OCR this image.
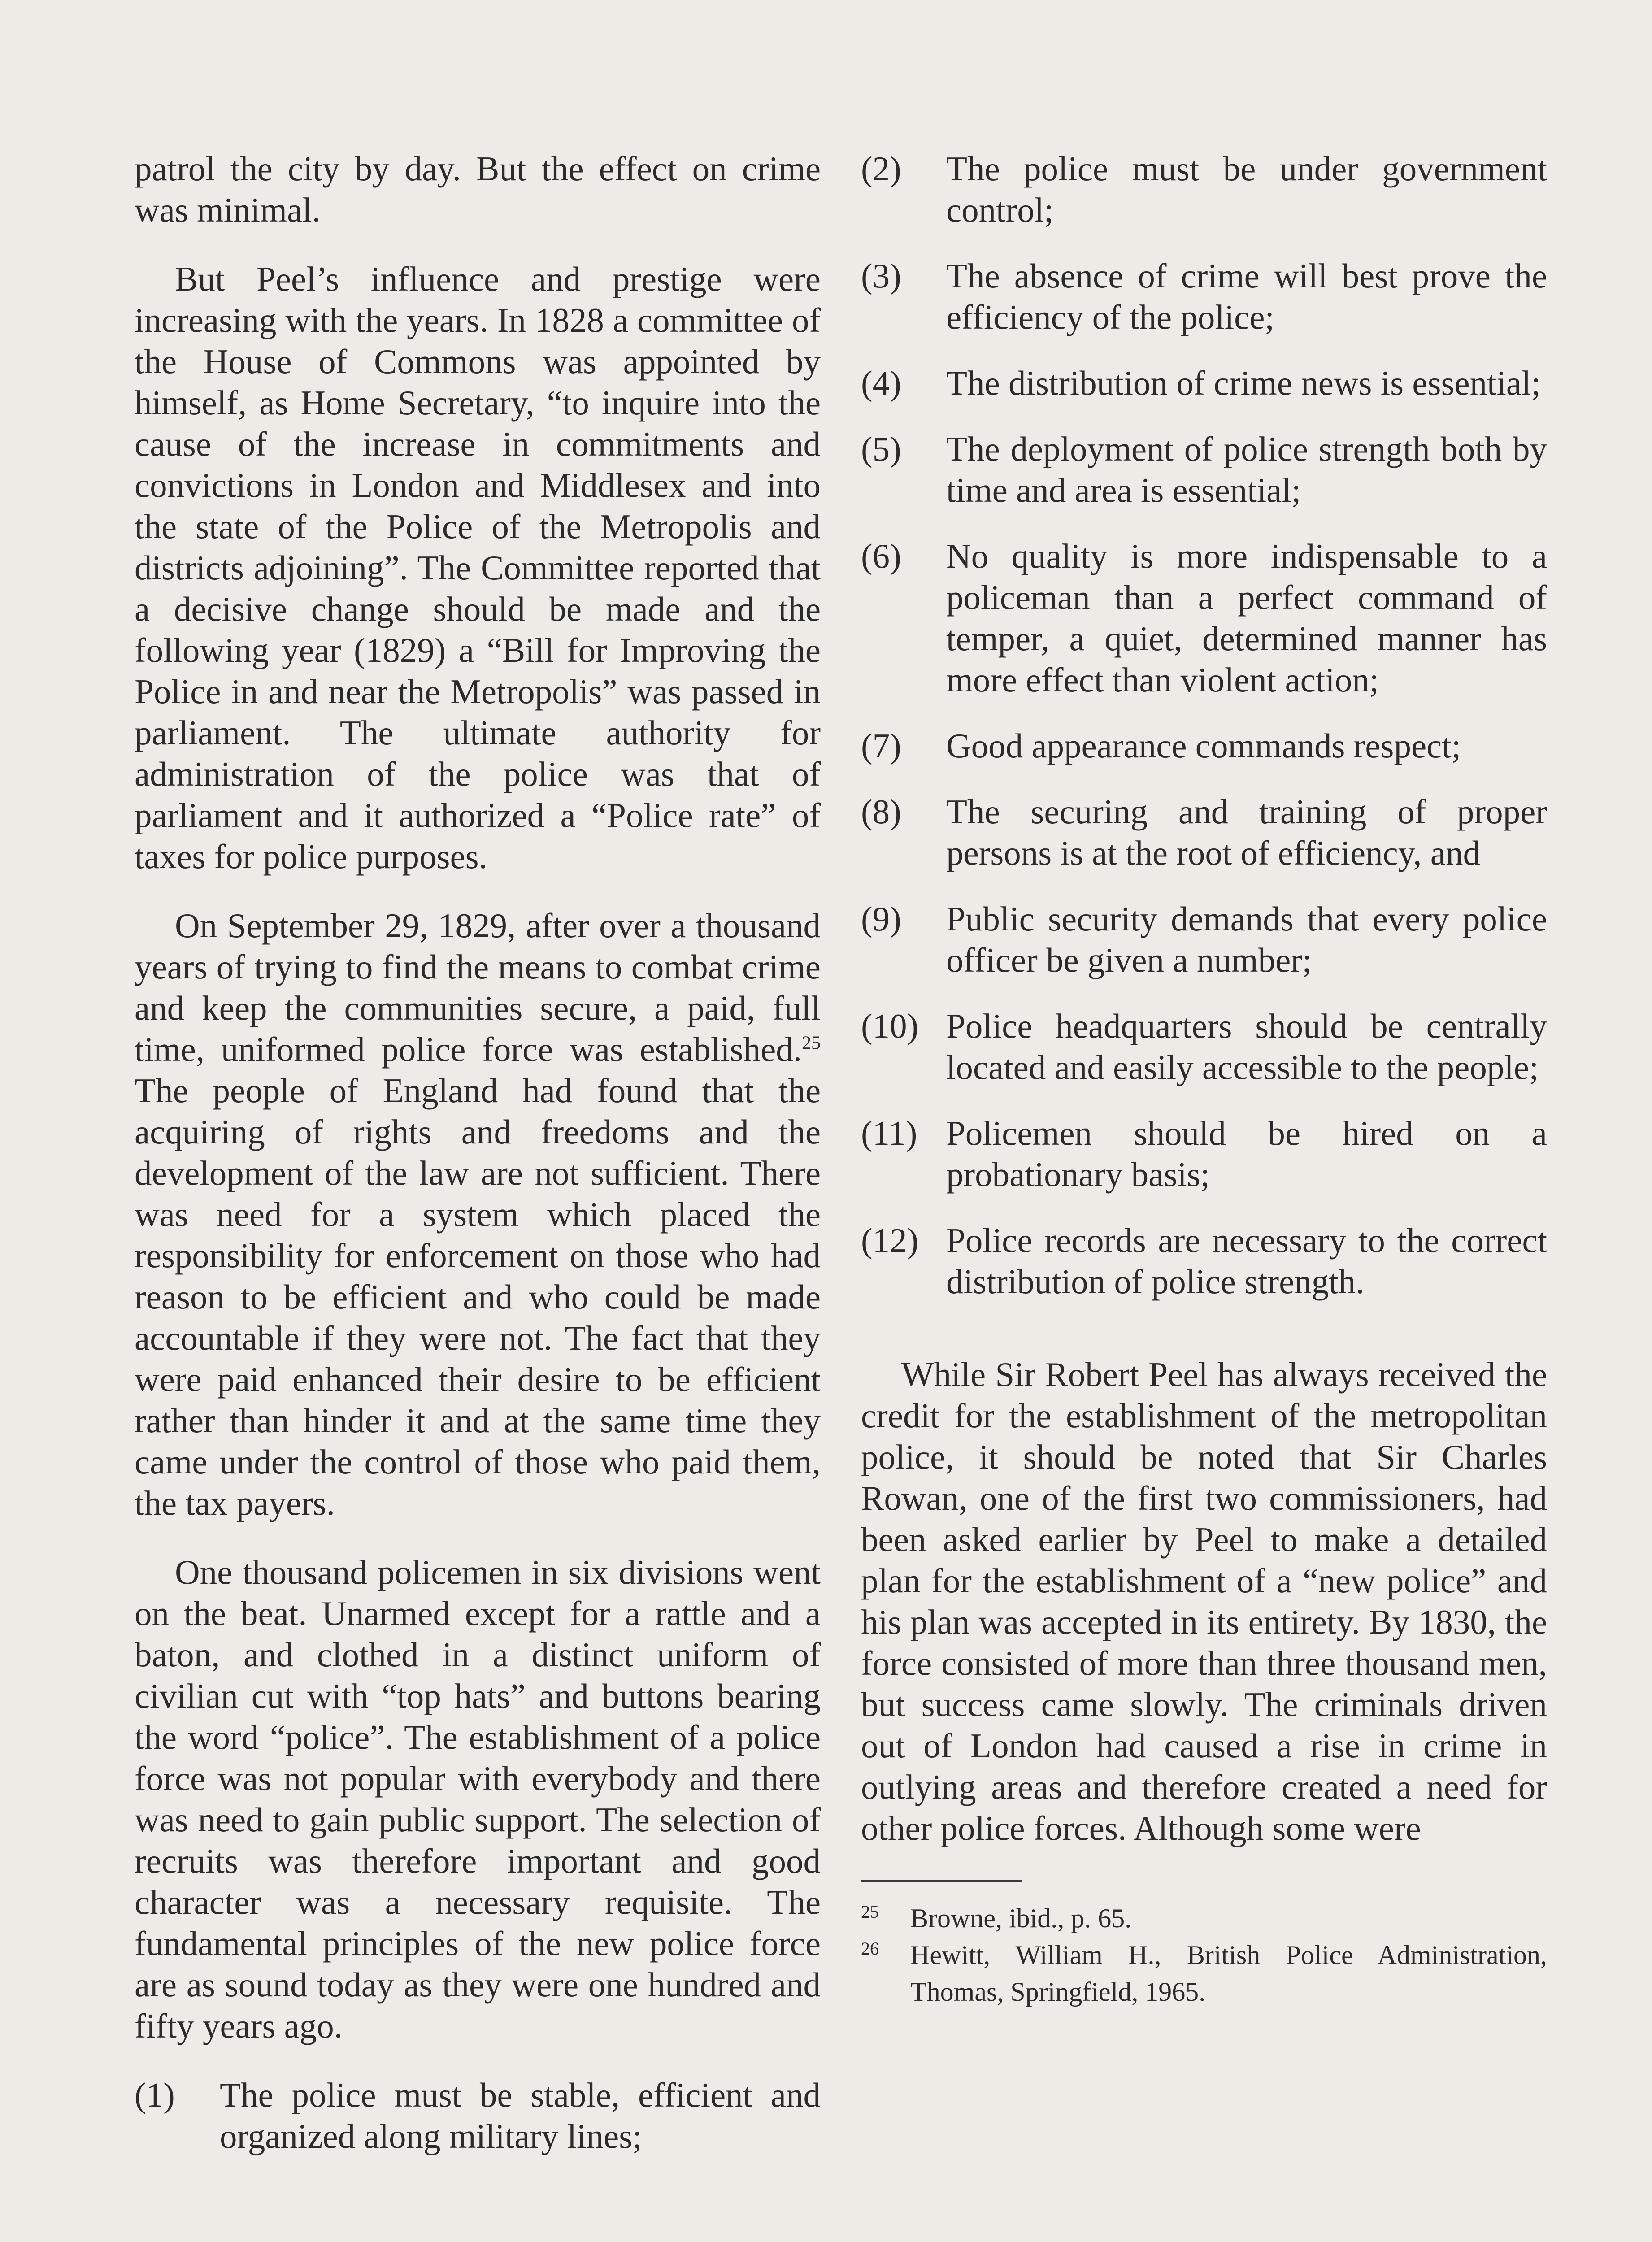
patrol the city by day. But the effect on crime was minimal.

But Peel’s influence and prestige were increasing with the years. In 1828 a committee of the House of Commons was appointed by himself, as Home Secretary, “to inquire into the cause of the increase in commitments and convictions in London and Middlesex and into the state of the Police of the Metropolis and districts adjoining”. The Committee reported that a decisive change should be made and the following year (1829) a “Bill for Improving the Police in and near the Metropolis” was passed in parliament. The ultimate authority for administration of the police was that of parliament and it authorized a “Police rate” of taxes for police purposes.

On September 29, 1829, after over a thousand years of trying to find the means to combat crime and keep the communities secure, a paid, full time, uniformed police force was established.$^{25}$ The people of England had found that the acquiring of rights and freedoms and the development of the law are not sufficient. There was need for a system which placed the responsibility for enforcement on those who had reason to be efficient and who could be made accountable if they were not. The fact that they were paid enhanced their desire to be efficient rather than hinder it and at the same time they came under the control of those who paid them, the tax payers.

One thousand policemen in six divisions went on the beat. Unarmed except for a rattle and a baton, and clothed in a distinct uniform of civilian cut with “top hats” and buttons bearing the word “police”. The establishment of a police force was not popular with everybody and there was need to gain public support. The selection of recruits was therefore important and good character was a necessary requisite. The fundamental principles of the new police force are as sound today as they were one hundred and fifty years ago.

(1)	The police must be stable, efficient and organized along military lines;
(2)	The police must be under government control;
(3)	The absence of crime will best prove the efficiency of the police;
(4)	The distribution of crime news is essential;
(5)	The deployment of police strength both by time and area is essential;
(6)	No quality is more indispensable to a policeman than a perfect command of temper, a quiet, determined manner has more effect than violent action;
(7)	Good appearance commands respect;
(8)	The securing and training of proper persons is at the root of efficiency, and
(9)	Public security demands that every police officer be given a number;
(10) Police headquarters should be centrally located and easily accessible to the people;
(11) Policemen should be hired on a probationary basis;
(12) Police records are necessary to the correct distribution of police strength.

While Sir Robert Peel has always received the credit for the establishment of the metropolitan police, it should be noted that Sir Charles Rowan, one of the first two commissioners, had been asked earlier by Peel to make a detailed plan for the establishment of a “new police” and his plan was accepted in its entirety. By 1830, the force consisted of more than three thousand men, but success came slowly. The criminals driven out of London had caused a rise in crime in outlying areas and therefore created a need for other police forces. Although some were

25	Browne, ibid., p. 65.
26	Hewitt, William H., British Police Administration, Thomas, Springfield, 1965.
